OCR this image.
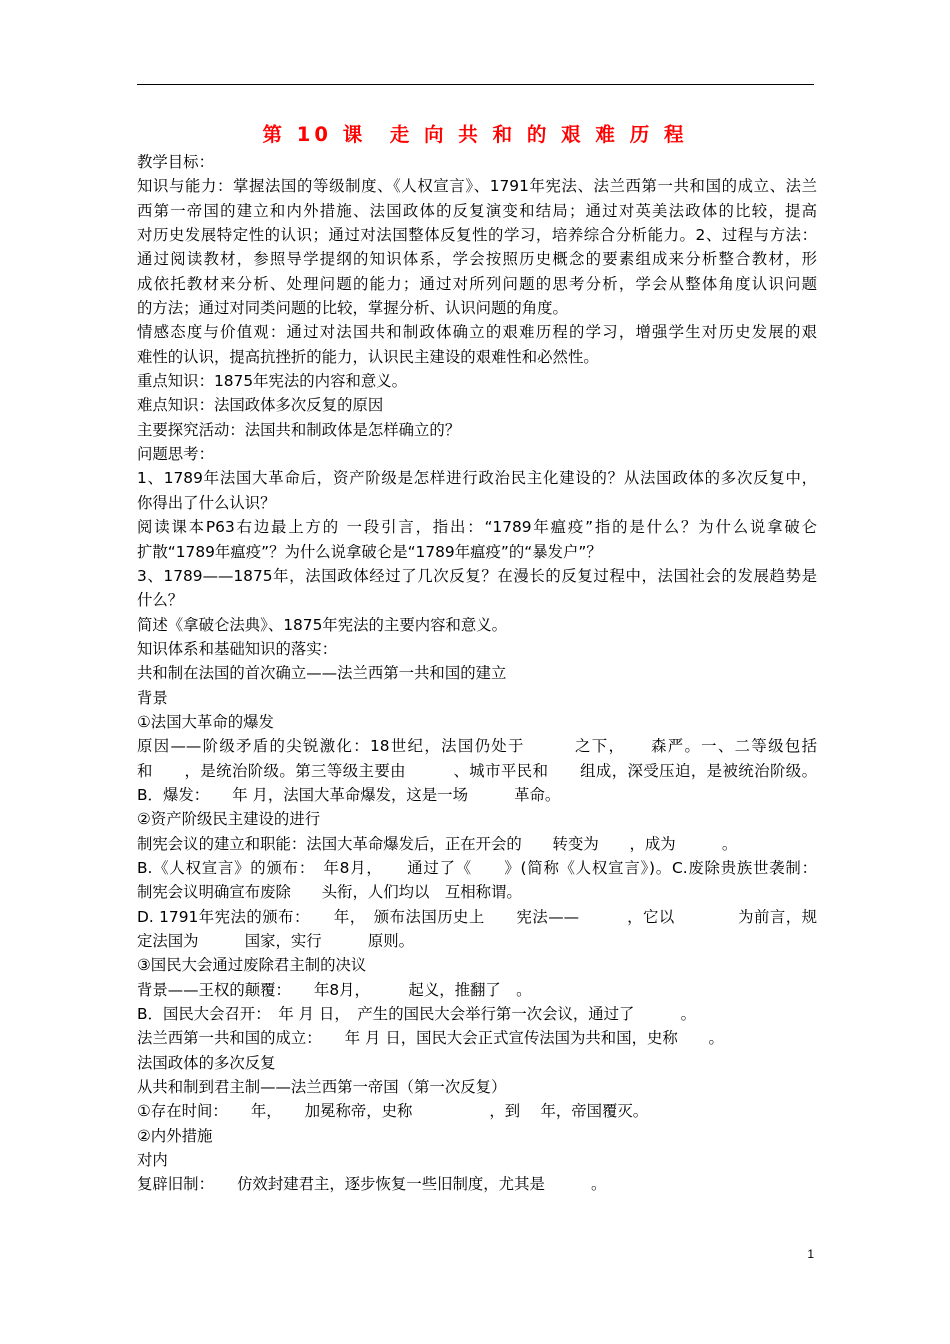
第 10 课　走 向 共 和 的 艰 难 历 程
教学目标：
知识与能力：掌握法国的等级制度、《人权宣言》、1791年宪法、法兰西第一共和国的成立、法兰
西第一帝国的建立和内外措施、法国政体的反复演变和结局；通过对英美法政体的比较，提高
对历史发展特定性的认识；通过对法国整体反复性的学习，培养综合分析能力。2、过程与方法：
通过阅读教材，参照导学提纲的知识体系，学会按照历史概念的要素组成来分析整合教材，形
成依托教材来分析、处理问题的能力；通过对所列问题的思考分析，学会从整体角度认识问题
的方法；通过对同类问题的比较，掌握分析、认识问题的角度。
情感态度与价值观：通过对法国共和制政体确立的艰难历程的学习，增强学生对历史发展的艰
难性的认识，提高抗挫折的能力，认识民主建设的艰难性和必然性。
重点知识：1875年宪法的内容和意义。
难点知识：法国政体多次反复的原因
主要探究活动：法国共和制政体是怎样确立的？
问题思考：
1、1789年法国大革命后，资产阶级是怎样进行政治民主化建设的？从法国政体的多次反复中，
你得出了什么认识？
阅读课本P63右边最上方的 一段引言，指出：“1789年瘟疫”指的是什么？为什么说拿破仑
扩散“1789年瘟疫”？为什么说拿破仑是“1789年瘟疫”的“暴发户”？
3、1789——1875年，法国政体经过了几次反复？在漫长的反复过程中，法国社会的发展趋势是
什么？
简述《拿破仑法典》、1875年宪法的主要内容和意义。
知识体系和基础知识的落实：
共和制在法国的首次确立——法兰西第一共和国的建立
背景
①法国大革命的爆发
原因——阶级矛盾的尖锐激化：18世纪，法国仍处于　　　之下，　　森严。一、二等级包括
和　　，是统治阶级。第三等级主要由　　　、城市平民和　　组成，深受压迫，是被统治阶级。
B．爆发：　　年 月，法国大革命爆发，这是一场　　　革命。
②资产阶级民主建设的进行
制宪会议的建立和职能：法国大革命爆发后，正在开会的　　转变为　　，成为　　　。
B.《人权宣言》的颁布：　年8月，　　通过了《　　》(简称《人权宣言》)。C.废除贵族世袭制：
制宪会议明确宣布废除　　头衔，人们均以　互相称谓。
D. 1791年宪法的颁布：　　年，　颁布法国历史上　　宪法——　　　，它以　　　　为前言，规
定法国为　　　国家，实行　　　原则。
③国民大会通过废除君主制的决议
背景——王权的颠覆：　　年8月，　　　起义，推翻了　。
B．国民大会召开：　年 月 日，　产生的国民大会举行第一次会议，通过了　　　。
法兰西第一共和国的成立：　　年 月 日，国民大会正式宣传法国为共和国，史称　　。
法国政体的多次反复
从共和制到君主制——法兰西第一帝国（第一次反复）
①存在时间：　　年，　　加冕称帝，史称　　　　　，到　 年，帝国覆灭。
②内外措施
对内
复辟旧制：　　仿效封建君主，逐步恢复一些旧制度，尤其是　　　。
1
